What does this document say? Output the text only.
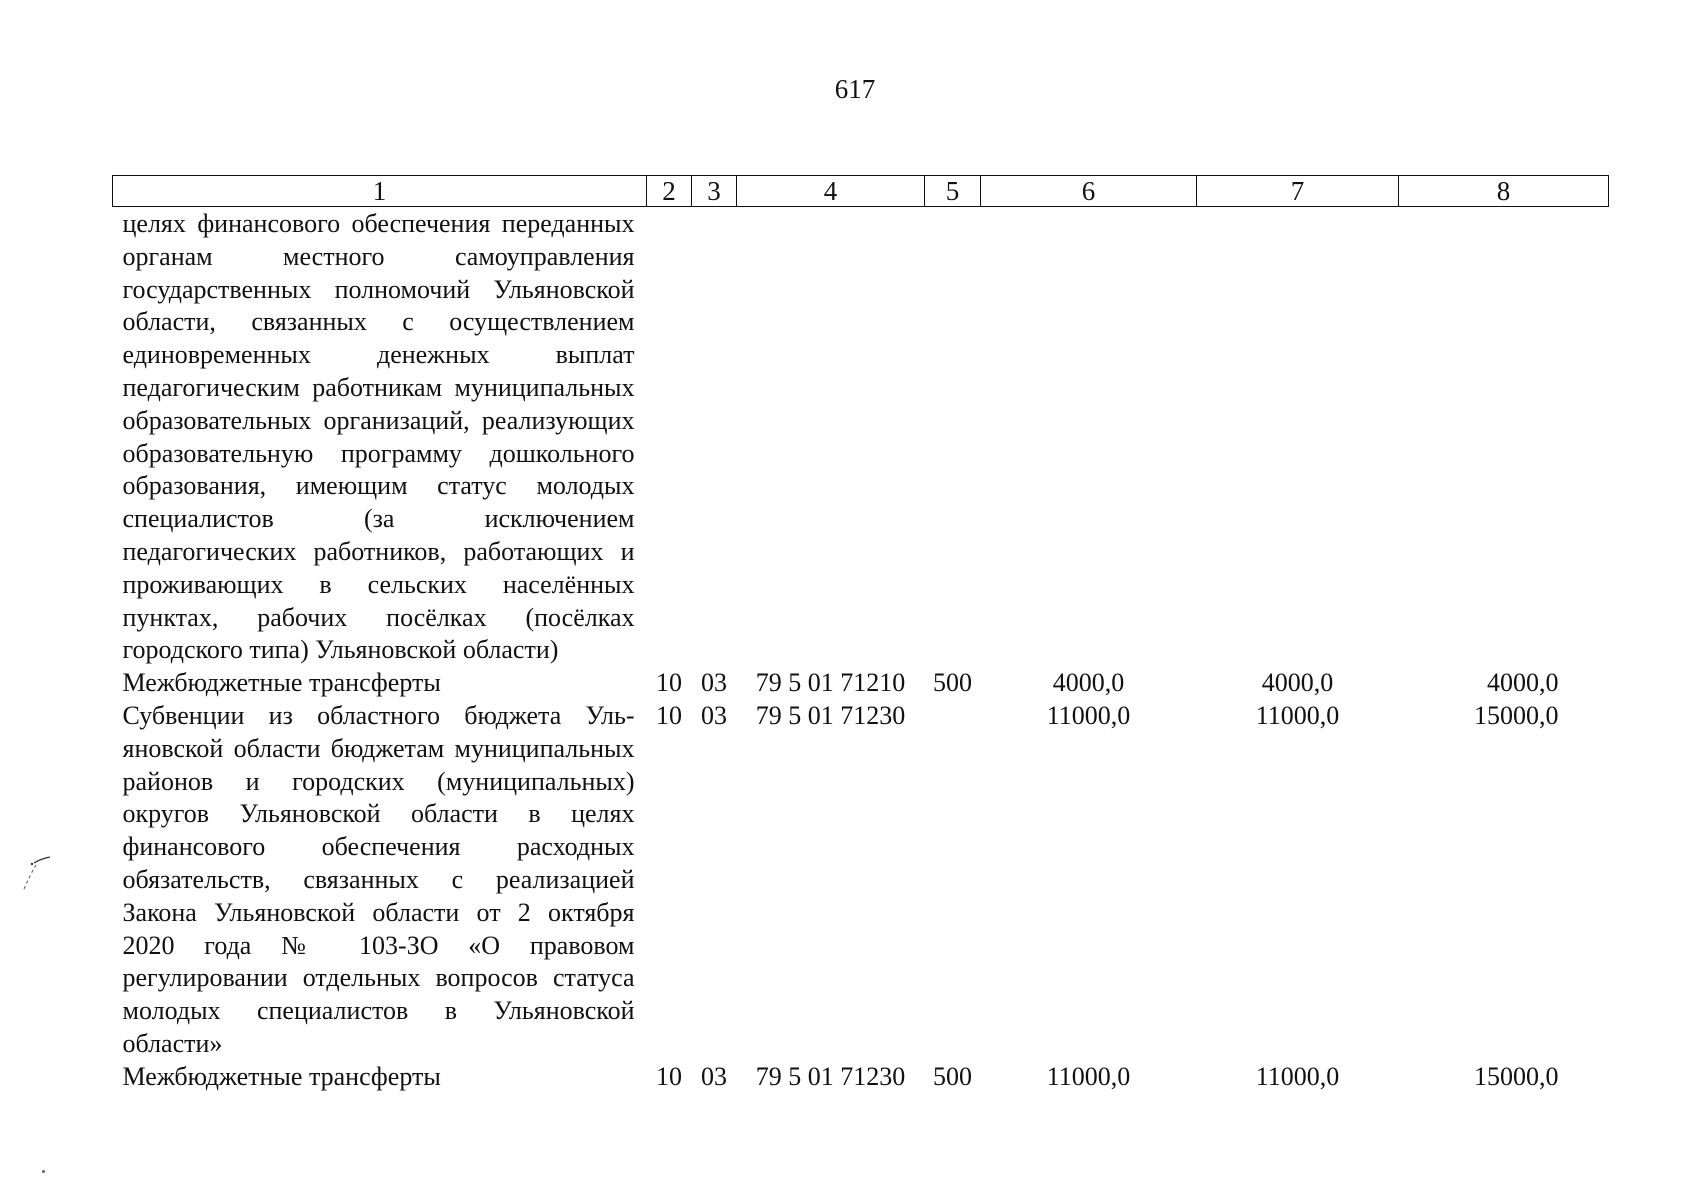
617
1	2	3	4	5	6	7	8
целях финансового обеспечения переданных органам местного самоуправления государственных полномочий Ульяновской области, связанных с осуществлением единовременных денежных выплат педагогическим работникам муниципальных образовательных организаций, реализующих образовательную программу дошкольного образования, имеющим статус молодых специалистов (за исключением педагогических работников, работающих и проживающих в сельских населённых пунктах, рабочих посёлках (посёлках городского типа) Ульяновской области)							
Межбюджетные трансферты	10	03	79 5 01 71210	500	4000,0	4000,0	4000,0
Субвенции из областного бюджета Ульяновской области бюджетам муниципальных районов и городских (муниципальных) округов Ульяновской области в целях финансового обеспечения расходных обязательств, связанных с реализацией Закона Ульяновской области от 2 октября 2020 года № 103-ЗО «О правовом регулировании отдельных вопросов статуса молодых специалистов в Ульяновской области»	10	03	79 5 01 71230		11000,0	11000,0	15000,0
Межбюджетные трансферты	10	03	79 5 01 71230	500	11000,0	11000,0	15000,0
